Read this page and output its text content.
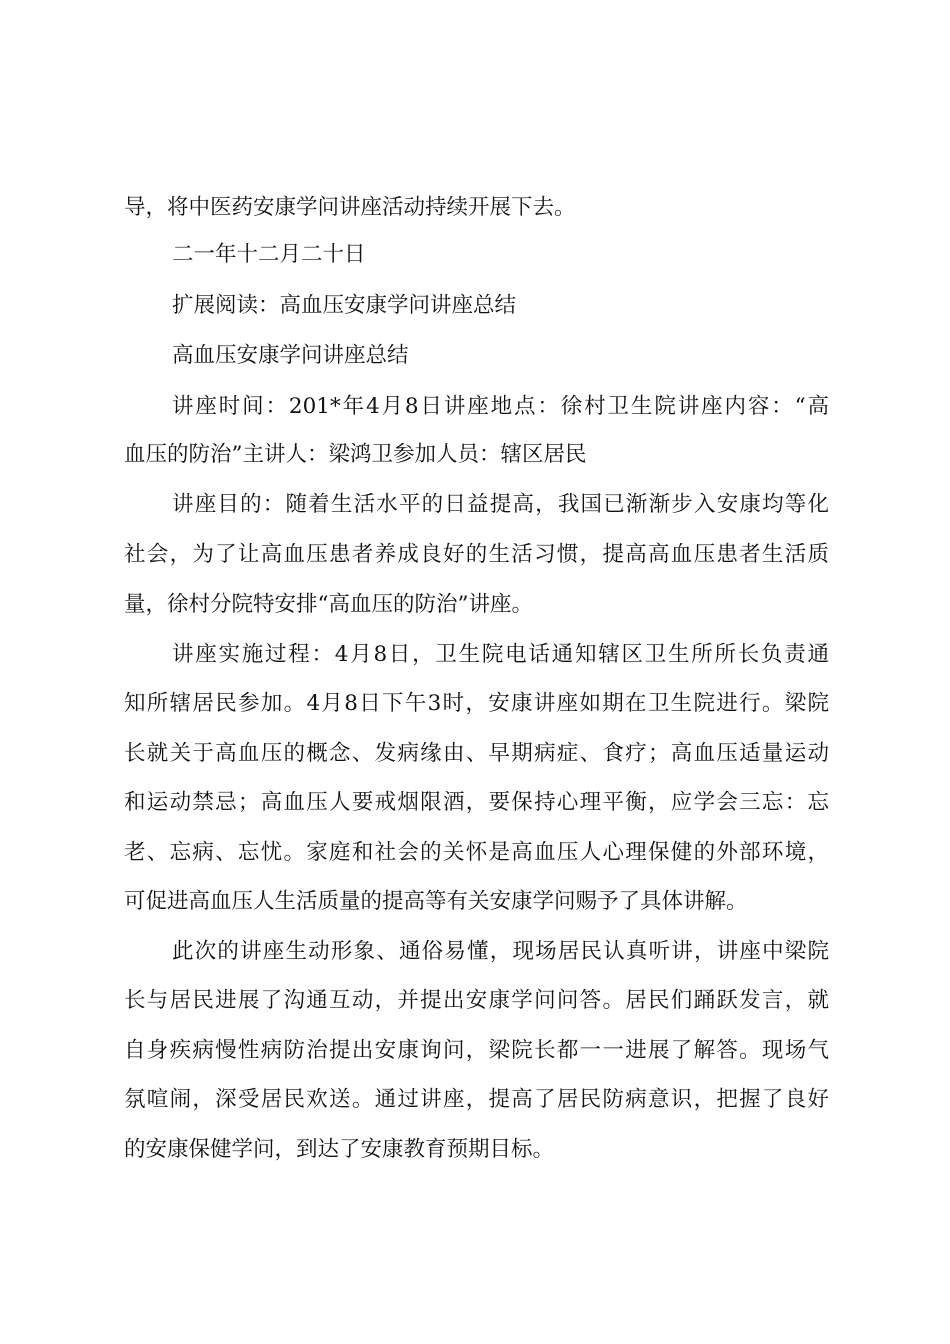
导，将中医药安康学问讲座活动持续开展下去。
二一年十二月二十日
扩展阅读：高血压安康学问讲座总结
高血压安康学问讲座总结
讲座时间：201*年4月8日讲座地点：徐村卫生院讲座内容：“高
血压的防治”主讲人：梁鸿卫参加人员：辖区居民
讲座目的：随着生活水平的日益提高，我国已渐渐步入安康均等化
社会，为了让高血压患者养成良好的生活习惯，提高高血压患者生活质
量，徐村分院特安排“高血压的防治”讲座。
讲座实施过程：4月8日，卫生院电话通知辖区卫生所所长负责通
知所辖居民参加。4月8日下午3时，安康讲座如期在卫生院进行。梁院
长就关于高血压的概念、发病缘由、早期病症、食疗；高血压适量运动
和运动禁忌；高血压人要戒烟限酒，要保持心理平衡，应学会三忘：忘
老、忘病、忘忧。家庭和社会的关怀是高血压人心理保健的外部环境，
可促进高血压人生活质量的提高等有关安康学问赐予了具体讲解。
此次的讲座生动形象、通俗易懂，现场居民认真听讲，讲座中梁院
长与居民进展了沟通互动，并提出安康学问问答。居民们踊跃发言，就
自身疾病慢性病防治提出安康询问，梁院长都一一进展了解答。现场气
氛喧闹，深受居民欢送。通过讲座，提高了居民防病意识，把握了良好
的安康保健学问，到达了安康教育预期目标。
